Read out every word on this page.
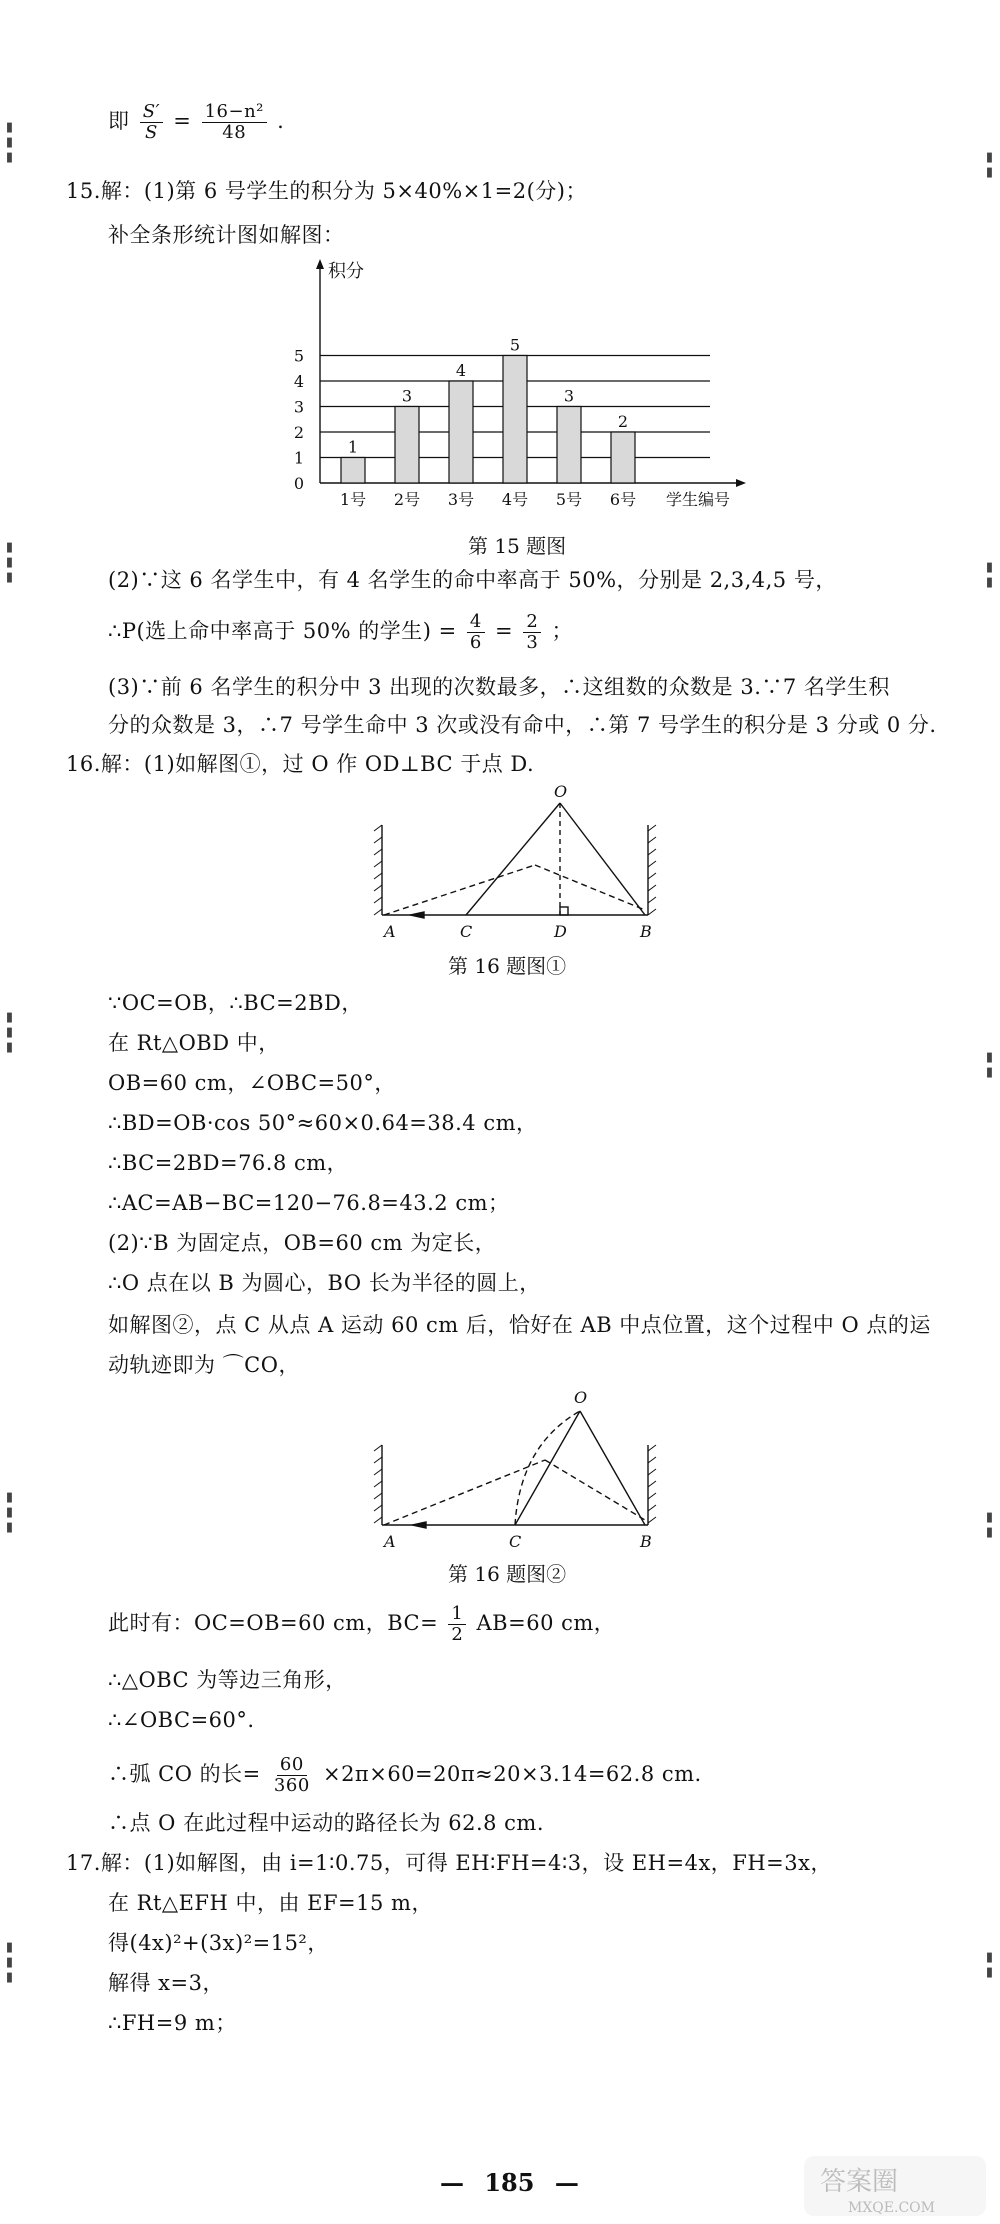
▮▮▮
▮▮▮
▮▮▮
▮▮▮
▮▮▮
▮▮
▮▮
▮▮
▮▮
▮▮
即 $\frac{S'}{S} = \frac{\text{16−n²}}{48}$ .
15.解：(1)第 6 号学生的积分为 5×40%×1=2(分)；
补全条形统计图如解图：
积分
0
1
2
3
4
5
1
1号
3
2号
4
3号
5
4号
3
5号
2
6号 学生编号
第 15 题图
(2)∵这 6 名学生中，有 4 名学生的命中率高于 50%，分别是 2,3,4,5 号，
∴P(选上命中率高于 50% 的学生) = $\frac{4}{6} = \frac{2}{3}$ ；
(3)∵前 6 名学生的积分中 3 出现的次数最多，∴这组数的众数是 3.∵7 名学生积
分的众数是 3，∴7 号学生命中 3 次或没有命中，∴第 7 号学生的积分是 3 分或 0 分.
16.解：(1)如解图①，过 O 作 OD⊥BC 于点 D.
O
A	C	D	B
第 16 题图①
∵OC=OB，∴BC=2BD，
在 Rt△OBD 中，
OB=60 cm，∠OBC=50°，
∴BD=OB·cos 50°≈60×0.64=38.4 cm，
∴BC=2BD=76.8 cm，
∴AC=AB−BC=120−76.8=43.2 cm；
(2)∵B 为固定点，OB=60 cm 为定长，
∴O 点在以 B 为圆心，BO 长为半径的圆上，
如解图②，点 C 从点 A 运动 60 cm 后，恰好在 AB 中点位置，这个过程中 O 点的运
动轨迹即为 ⌒CO，
O
A	C	B
第 16 题图②
此时有：OC=OB=60 cm，$BC= \frac{1}{2} AB=60$ cm，
∴△OBC 为等边三角形，
∴∠OBC=60°.
∴弧 CO 的长= $\frac{60}{360} \times 2\pi\times 60=20\pi\approx 20\times 3.14=62.8$ cm.
∴点 O 在此过程中运动的路径长为 62.8 cm.
17.解：(1)如解图，由 i=1∶0.75，可得 EH∶FH=4∶3，设 EH=4x，FH=3x，
在 Rt△EFH 中，由 EF=15 m，
得(4x)²+(3x)²=15²，
解得 x=3，
∴FH=9 m；
— 185 —	答案圈
MXQE.COM
